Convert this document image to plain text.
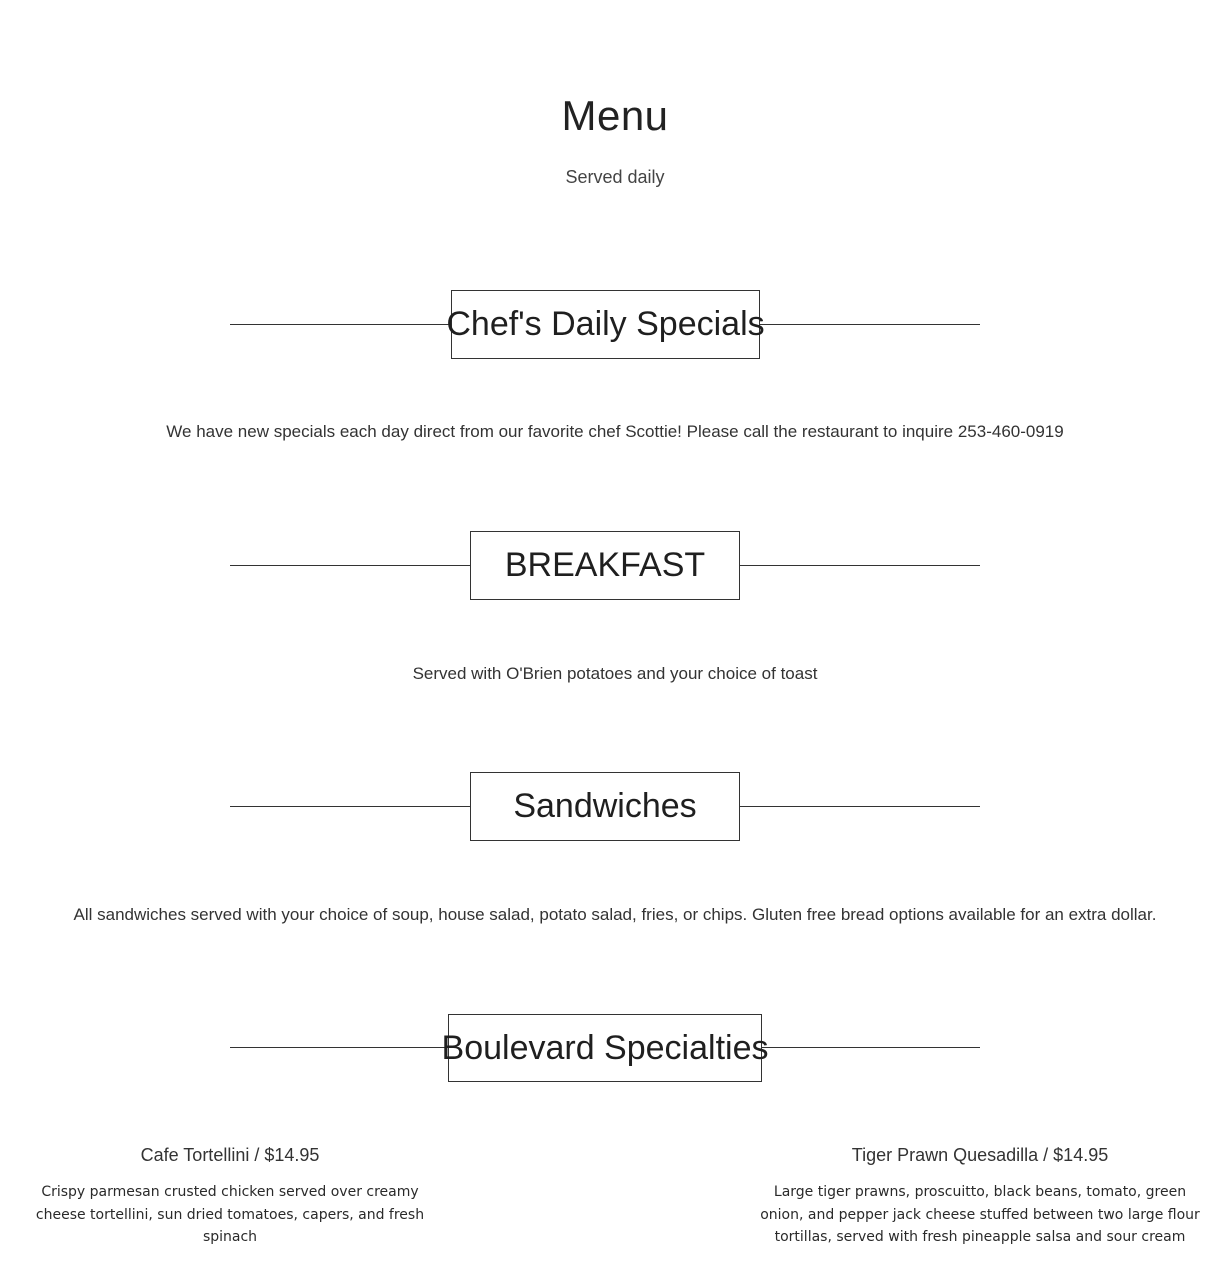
Menu
Served daily
Chef's Daily Specials
We have new specials each day direct from our favorite chef Scottie! Please call the restaurant to inquire 253-460-0919
BREAKFAST
Served with O'Brien potatoes and your choice of toast
Sandwiches
All sandwiches served with your choice of soup, house salad, potato salad, fries, or chips. Gluten free bread options available for an extra dollar.
Boulevard Specialties
Cafe Tortellini / $14.95
Crispy parmesan crusted chicken served over creamy cheese tortellini, sun dried tomatoes, capers, and fresh spinach
Tiger Prawn Quesadilla / $14.95
Large tiger prawns, proscuitto, black beans, tomato, green onion, and pepper jack cheese stuffed between two large flour tortillas, served with fresh pineapple salsa and sour cream
